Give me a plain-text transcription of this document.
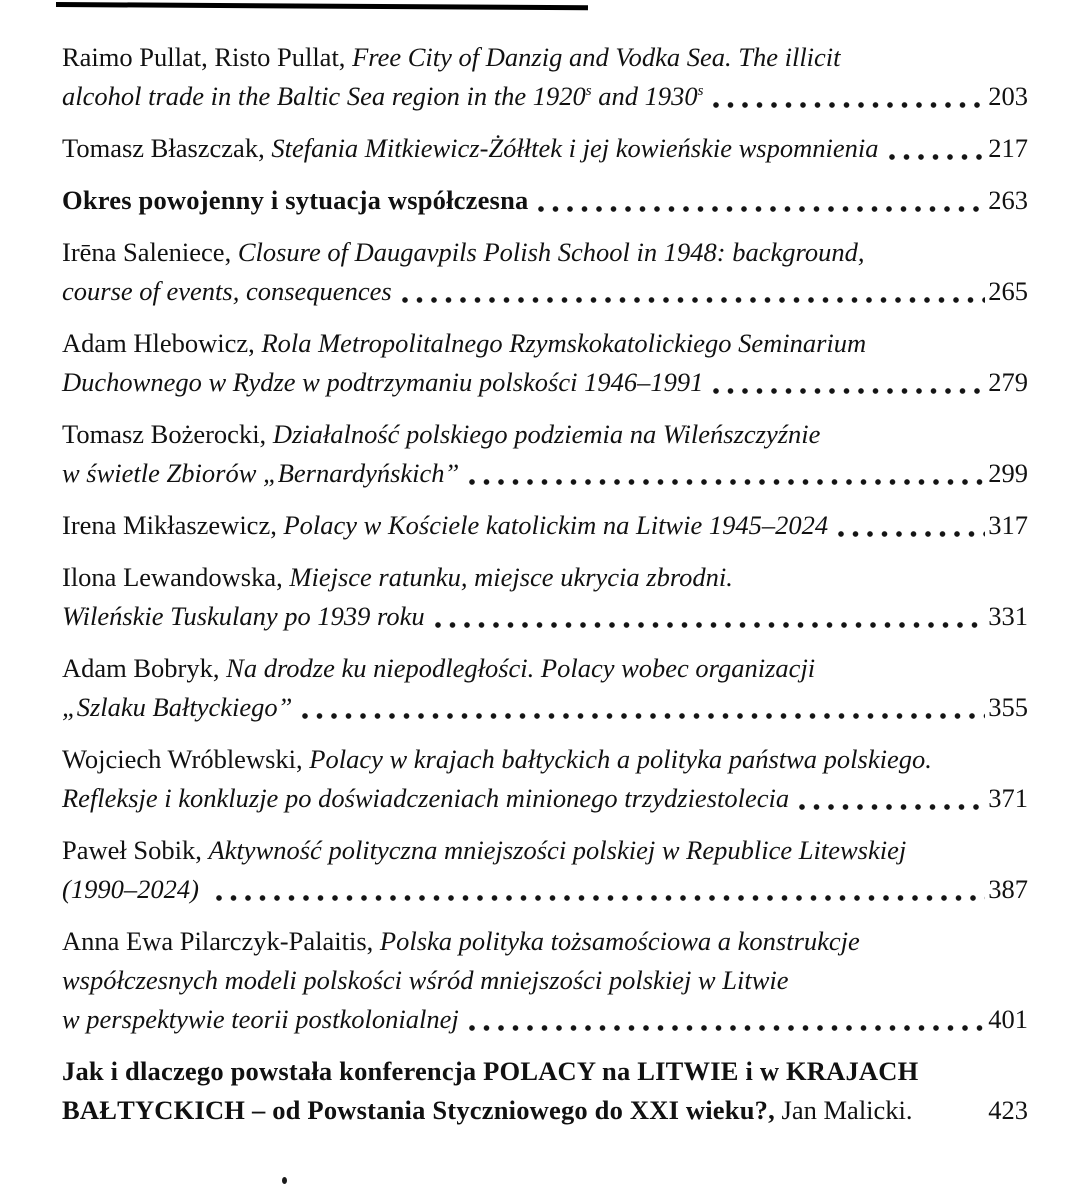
Raimo Pullat, Risto Pullat, Free City of Danzig and Vodka Sea. The illicit
alcohol trade in the Baltic Sea region in the 1920 s and 1930 s	203
Tomasz Błaszczak, Stefania Mitkiewicz-Żółłtek i jej kowieńskie wspomnienia	217
Okres powojenny i sytuacja współczesna	263
Irēna Saleniece, Closure of Daugavpils Polish School in 1948: background,
course of events, consequences	265
Adam Hlebowicz, Rola Metropolitalnego Rzymskokatolickiego Seminarium
Duchownego w Rydze w podtrzymaniu polskości 1946–1991	279
Tomasz Bożerocki, Działalność polskiego podziemia na Wileńszczyźnie
w świetle Zbiorów „Bernardyńskich”	299
Irena Mikłaszewicz, Polacy w Kościele katolickim na Litwie 1945–2024	317
Ilona Lewandowska, Miejsce ratunku, miejsce ukrycia zbrodni.
Wileńskie Tuskulany po 1939 roku	331
Adam Bobryk, Na drodze ku niepodległości. Polacy wobec organizacji
„Szlaku Bałtyckiego”	355
Wojciech Wróblewski, Polacy w krajach bałtyckich a polityka państwa polskiego.
Refleksje i konkluzje po doświadczeniach minionego trzydziestolecia	371
Paweł Sobik, Aktywność polityczna mniejszości polskiej w Republice Litewskiej
(1990–2024)	387
Anna Ewa Pilarczyk-Palaitis, Polska polityka tożsamościowa a konstrukcje
współczesnych modeli polskości wśród mniejszości polskiej w Litwie
w perspektywie teorii postkolonialnej	401
Jak i dlaczego powstała konferencja POLACY na LITWIE i w KRAJACH
BAŁTYCKICH – od Powstania Styczniowego do XXI wieku?, Jan Malicki.	423
